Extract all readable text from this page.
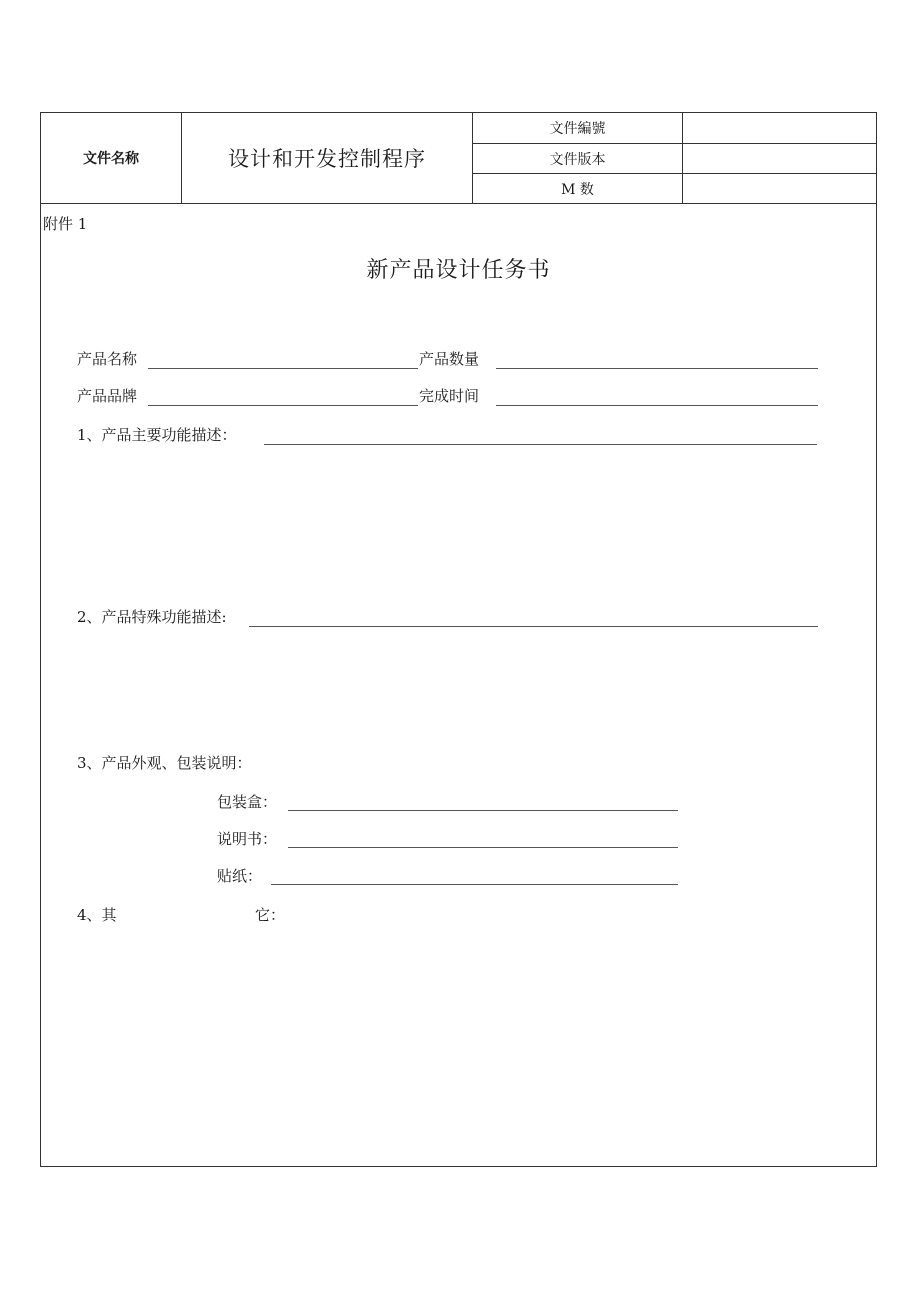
文件名称	设计和开发控制程序
文件編號
文件版本
M 数
附件 1
新产品设计任务书
产品名称	产品数量
产品品牌	完成时间
1、产品主要功能描述：
2、产品特殊功能描述:
3、产品外观、包装说明：
包装盒：
说明书：
贴纸：
4、其	它：
